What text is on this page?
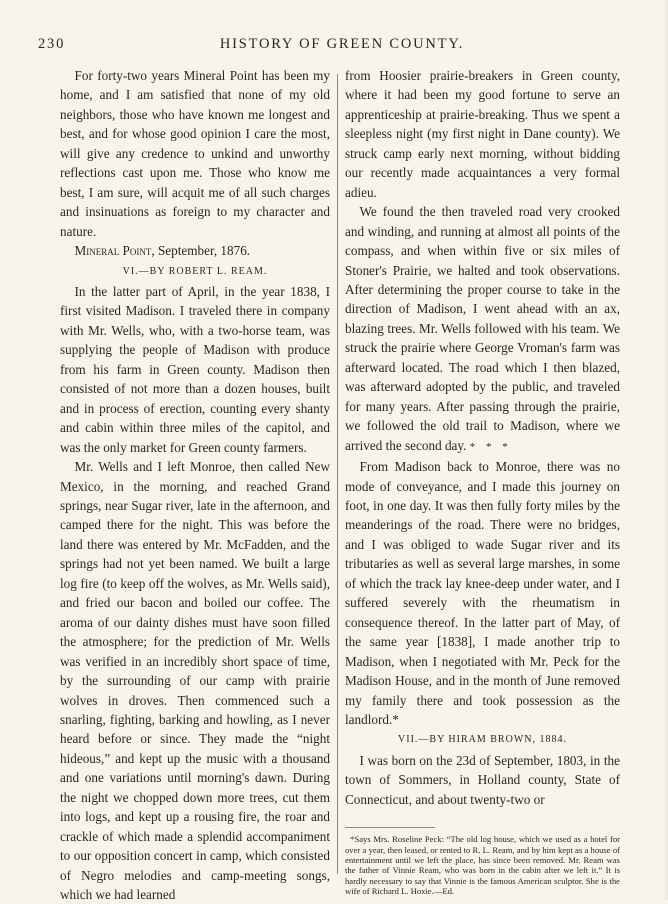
230	HISTORY OF GREEN COUNTY.

For forty-two years Mineral Point has been my home, and I am satisfied that none of my old neighbors, those who have known me longest and best, and for whose good opinion I care the most, will give any credence to unkind and unworthy reflections cast upon me. Those who know me best, I am sure, will acquit me of all such charges and insinuations as foreign to my character and nature.

Mineral Point, September, 1876.

VI.—BY ROBERT L. REAM.

In the latter part of April, in the year 1838, I first visited Madison. I traveled there in company with Mr. Wells, who, with a two-horse team, was supplying the people of Madison with produce from his farm in Green county. Madison then consisted of not more than a dozen houses, built and in process of erection, counting every shanty and cabin within three miles of the capitol, and was the only market for Green county farmers.

Mr. Wells and I left Monroe, then called New Mexico, in the morning, and reached Grand springs, near Sugar river, late in the afternoon, and camped there for the night. This was before the land there was entered by Mr. McFadden, and the springs had not yet been named. We built a large log fire (to keep off the wolves, as Mr. Wells said), and fried our bacon and boiled our coffee. The aroma of our dainty dishes must have soon filled the atmosphere; for the prediction of Mr. Wells was verified in an incredibly short space of time, by the surrounding of our camp with prairie wolves in droves. Then commenced such a snarling, fighting, barking and howling, as I never heard before or since. They made the “night hideous,” and kept up the music with a thousand and one variations until morning's dawn. During the night we chopped down more trees, cut them into logs, and kept up a rousing fire, the roar and crackle of which made a splendid accompaniment to our opposition concert in camp, which consisted of Negro melodies and camp-meeting songs, which we had learned

from Hoosier prairie-breakers in Green county, where it had been my good fortune to serve an apprenticeship at prairie-breaking. Thus we spent a sleepless night (my first night in Dane county). We struck camp early next morning, without bidding our recently made acquaintances a very formal adieu.

We found the then traveled road very crooked and winding, and running at almost all points of the compass, and when within five or six miles of Stoner's Prairie, we halted and took observations. After determining the proper course to take in the direction of Madison, I went ahead with an ax, blazing trees. Mr. Wells followed with his team. We struck the prairie where George Vroman's farm was afterward located. The road which I then blazed, was afterward adopted by the public, and traveled for many years. After passing through the prairie, we followed the old trail to Madison, where we arrived the second day. * * *

From Madison back to Monroe, there was no mode of conveyance, and I made this journey on foot, in one day. It was then fully forty miles by the meanderings of the road. There were no bridges, and I was obliged to wade Sugar river and its tributaries as well as several large marshes, in some of which the track lay knee-deep under water, and I suffered severely with the rheumatism in consequence thereof. In the latter part of May, of the same year [1838], I made another trip to Madison, when I negotiated with Mr. Peck for the Madison House, and in the month of June removed my family there and took possession as the landlord.*

VII.—BY HIRAM BROWN, 1884.

I was born on the 23d of September, 1803, in the town of Sommers, in Holland county, State of Connecticut, and about twenty-two or

*Says Mrs. Roseline Peck: “The old log house, which we used as a hotel for over a year, then leased, or rented to R. L. Ream, and by him kept as a house of entertainment until we left the place, has since been removed. Mr. Ream was the father of Vinnie Ream, who was born in the cabin after we left it.” It is hardly necessary to say that Vinnie is the famous American sculptor. She is the wife of Richard L. Hoxie.—Ed.
